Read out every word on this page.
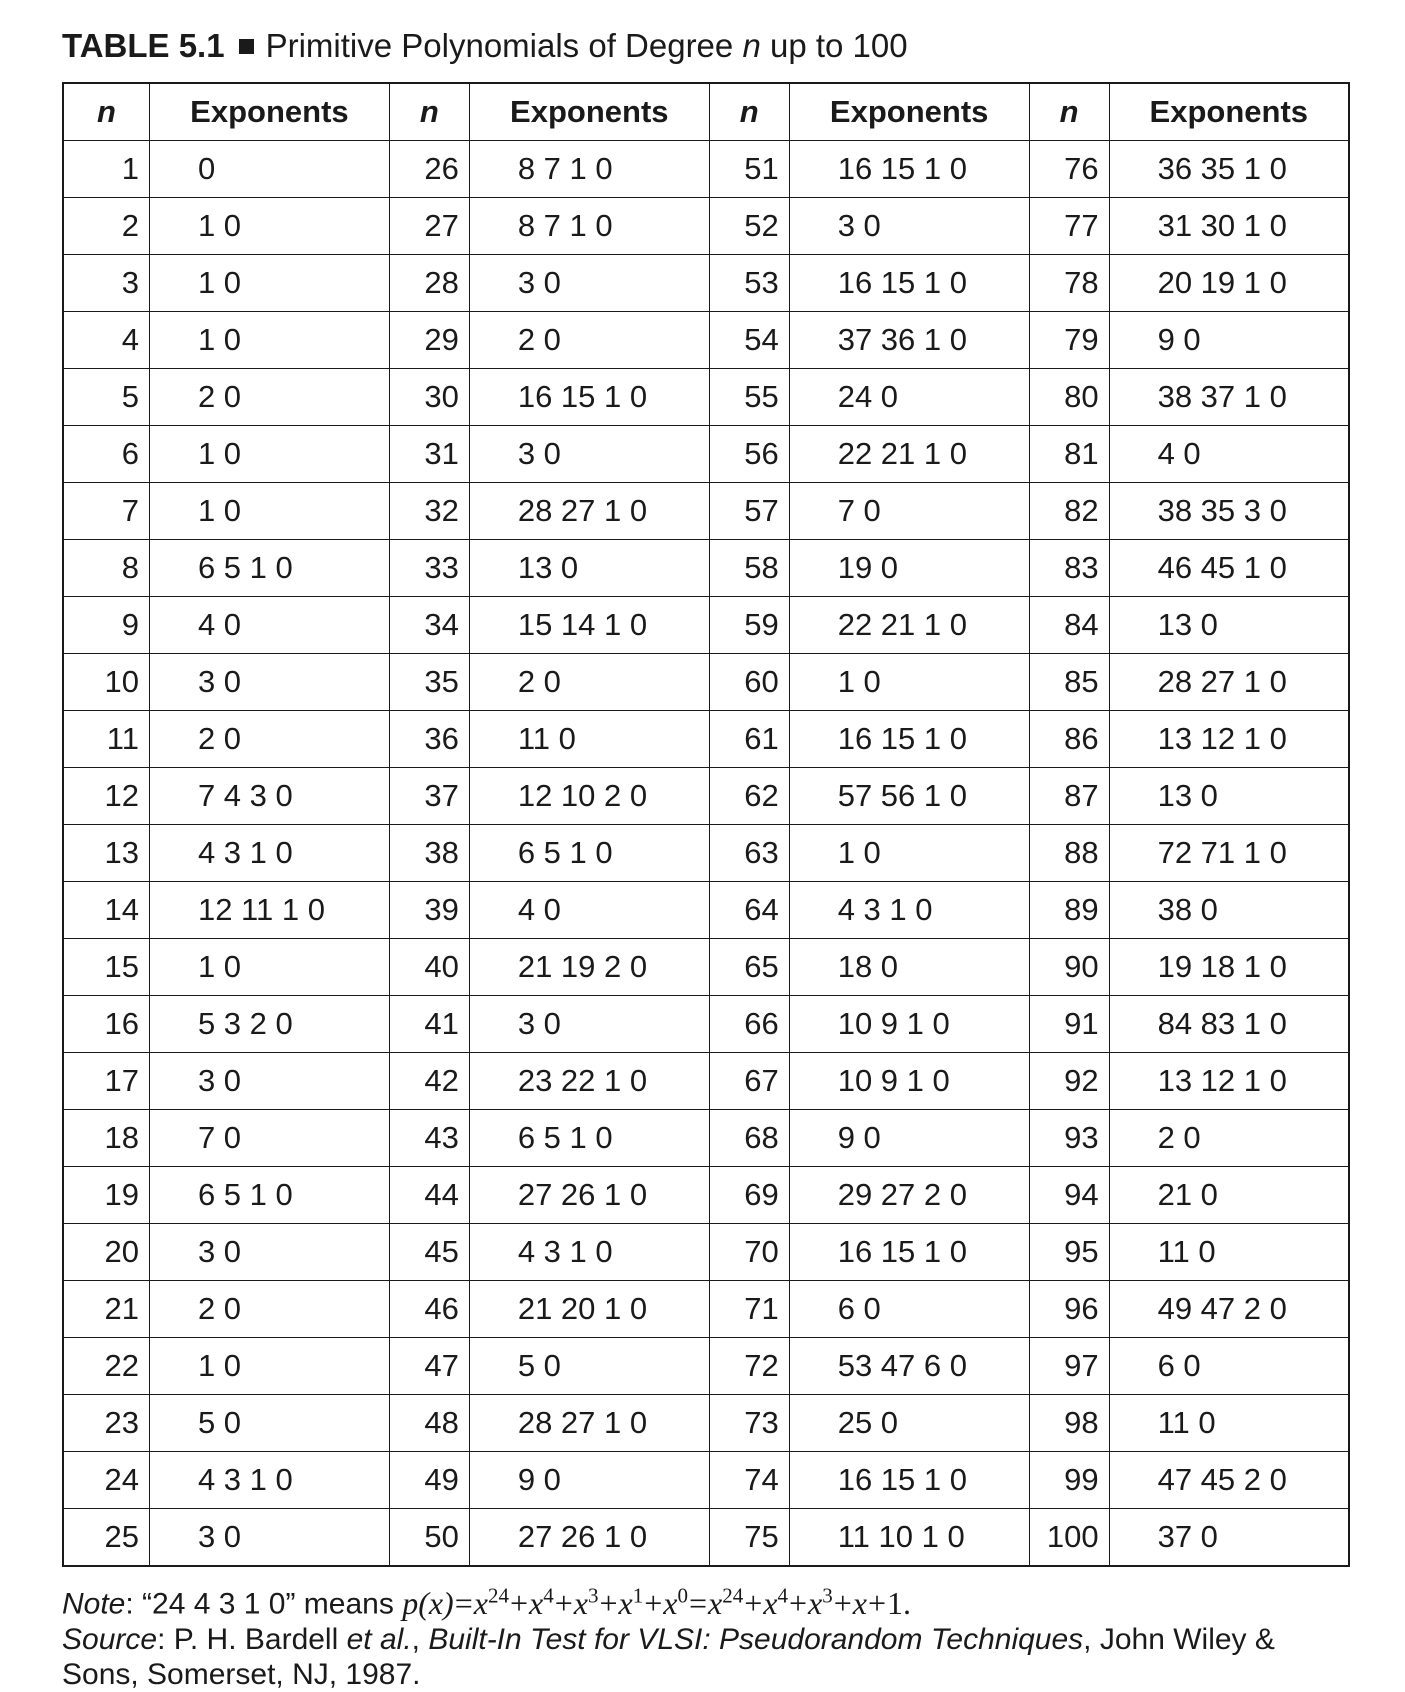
TABLE 5.1 Primitive Polynomials of Degree n up to 100
n	Exponents	n	Exponents	n	Exponents	n	Exponents
1	0	26	8 7 1 0	51	16 15 1 0	76	36 35 1 0
2	1 0	27	8 7 1 0	52	3 0	77	31 30 1 0
3	1 0	28	3 0	53	16 15 1 0	78	20 19 1 0
4	1 0	29	2 0	54	37 36 1 0	79	9 0
5	2 0	30	16 15 1 0	55	24 0	80	38 37 1 0
6	1 0	31	3 0	56	22 21 1 0	81	4 0
7	1 0	32	28 27 1 0	57	7 0	82	38 35 3 0
8	6 5 1 0	33	13 0	58	19 0	83	46 45 1 0
9	4 0	34	15 14 1 0	59	22 21 1 0	84	13 0
10	3 0	35	2 0	60	1 0	85	28 27 1 0
11	2 0	36	11 0	61	16 15 1 0	86	13 12 1 0
12	7 4 3 0	37	12 10 2 0	62	57 56 1 0	87	13 0
13	4 3 1 0	38	6 5 1 0	63	1 0	88	72 71 1 0
14	12 11 1 0	39	4 0	64	4 3 1 0	89	38 0
15	1 0	40	21 19 2 0	65	18 0	90	19 18 1 0
16	5 3 2 0	41	3 0	66	10 9 1 0	91	84 83 1 0
17	3 0	42	23 22 1 0	67	10 9 1 0	92	13 12 1 0
18	7 0	43	6 5 1 0	68	9 0	93	2 0
19	6 5 1 0	44	27 26 1 0	69	29 27 2 0	94	21 0
20	3 0	45	4 3 1 0	70	16 15 1 0	95	11 0
21	2 0	46	21 20 1 0	71	6 0	96	49 47 2 0
22	1 0	47	5 0	72	53 47 6 0	97	6 0
23	5 0	48	28 27 1 0	73	25 0	98	11 0
24	4 3 1 0	49	9 0	74	16 15 1 0	99	47 45 2 0
25	3 0	50	27 26 1 0	75	11 10 1 0	100	37 0
Note: “24 4 3 1 0” means $p(x)=x^{24}+x^4+x^3+x^1+x^0=x^{24}+x^4+x^3+x+1$.
Source: P. H. Bardell et al., Built-In Test for VLSI: Pseudorandom Techniques, John Wiley &
Sons, Somerset, NJ, 1987.
